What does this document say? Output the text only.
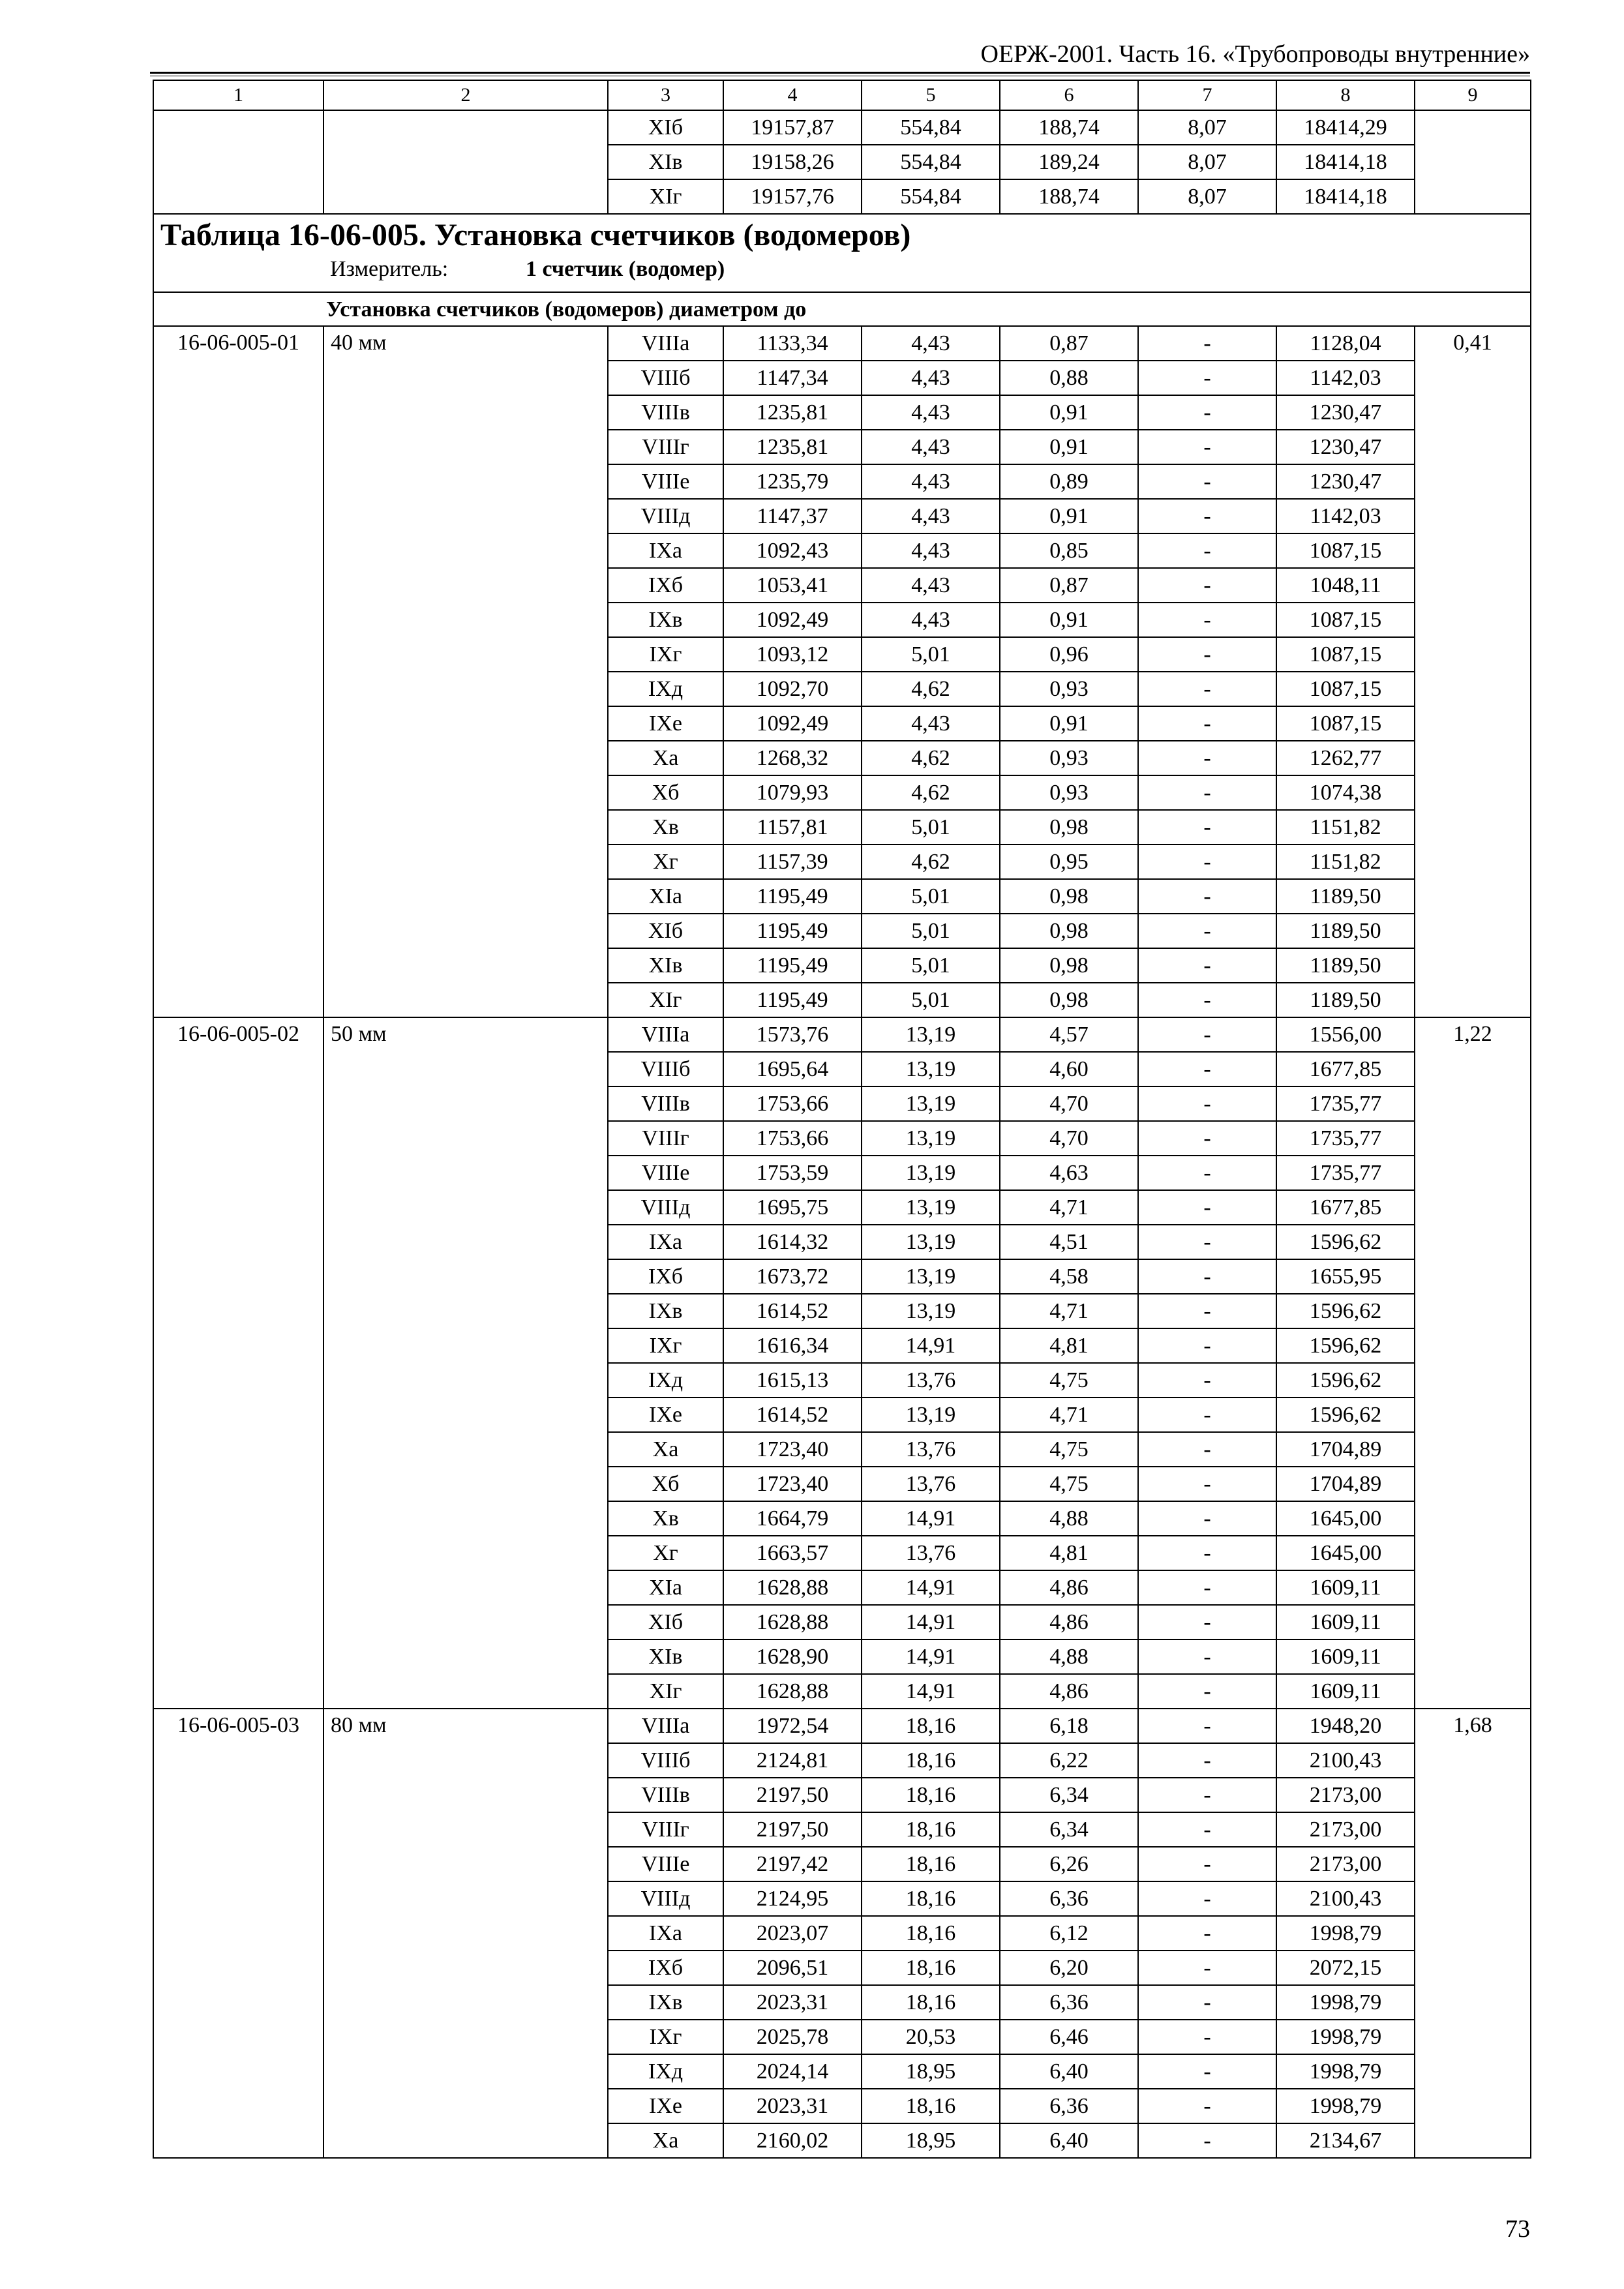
ОЕРЖ-2001. Часть 16. «Трубопроводы внутренние»
1	2	3	4	5	6	7	8	9
		XIб	19157,87	554,84	188,74	8,07	18414,29	
		XIв	19158,26	554,84	189,24	8,07	18414,18	
		XIг	19157,76	554,84	188,74	8,07	18414,18	

Таблица 16-06-005. Установка счетчиков (водомеров)
Измеритель: 1 счетчик (водомер)								

Установка счетчиков (водомеров) диаметром до								
16-06-005-01	40 мм	VIIIа	1133,34	4,43	0,87	-	1128,04	0,41
		VIIIб	1147,34	4,43	0,88	-	1142,03	
		VIIIв	1235,81	4,43	0,91	-	1230,47	
		VIIIг	1235,81	4,43	0,91	-	1230,47	
		VIIIе	1235,79	4,43	0,89	-	1230,47	
		VIIIд	1147,37	4,43	0,91	-	1142,03	
		IXа	1092,43	4,43	0,85	-	1087,15	
		IXб	1053,41	4,43	0,87	-	1048,11	
		IXв	1092,49	4,43	0,91	-	1087,15	
		IXг	1093,12	5,01	0,96	-	1087,15	
		IXд	1092,70	4,62	0,93	-	1087,15	
		IXе	1092,49	4,43	0,91	-	1087,15	
		Xа	1268,32	4,62	0,93	-	1262,77	
		Xб	1079,93	4,62	0,93	-	1074,38	
		Xв	1157,81	5,01	0,98	-	1151,82	
		Xг	1157,39	4,62	0,95	-	1151,82	
		XIа	1195,49	5,01	0,98	-	1189,50	
		XIб	1195,49	5,01	0,98	-	1189,50	
		XIв	1195,49	5,01	0,98	-	1189,50	
		XIг	1195,49	5,01	0,98	-	1189,50	
16-06-005-02	50 мм	VIIIа	1573,76	13,19	4,57	-	1556,00	1,22
		VIIIб	1695,64	13,19	4,60	-	1677,85	
		VIIIв	1753,66	13,19	4,70	-	1735,77	
		VIIIг	1753,66	13,19	4,70	-	1735,77	
		VIIIе	1753,59	13,19	4,63	-	1735,77	
		VIIIд	1695,75	13,19	4,71	-	1677,85	
		IXа	1614,32	13,19	4,51	-	1596,62	
		IXб	1673,72	13,19	4,58	-	1655,95	
		IXв	1614,52	13,19	4,71	-	1596,62	
		IXг	1616,34	14,91	4,81	-	1596,62	
		IXд	1615,13	13,76	4,75	-	1596,62	
		IXе	1614,52	13,19	4,71	-	1596,62	
		Xа	1723,40	13,76	4,75	-	1704,89	
		Xб	1723,40	13,76	4,75	-	1704,89	
		Xв	1664,79	14,91	4,88	-	1645,00	
		Xг	1663,57	13,76	4,81	-	1645,00	
		XIа	1628,88	14,91	4,86	-	1609,11	
		XIб	1628,88	14,91	4,86	-	1609,11	
		XIв	1628,90	14,91	4,88	-	1609,11	
		XIг	1628,88	14,91	4,86	-	1609,11	
16-06-005-03	80 мм	VIIIа	1972,54	18,16	6,18	-	1948,20	1,68
		VIIIб	2124,81	18,16	6,22	-	2100,43	
		VIIIв	2197,50	18,16	6,34	-	2173,00	
		VIIIг	2197,50	18,16	6,34	-	2173,00	
		VIIIе	2197,42	18,16	6,26	-	2173,00	
		VIIIд	2124,95	18,16	6,36	-	2100,43	
		IXа	2023,07	18,16	6,12	-	1998,79	
		IXб	2096,51	18,16	6,20	-	2072,15	
		IXв	2023,31	18,16	6,36	-	1998,79	
		IXг	2025,78	20,53	6,46	-	1998,79	
		IXд	2024,14	18,95	6,40	-	1998,79	
		IXе	2023,31	18,16	6,36	-	1998,79	
		Xа	2160,02	18,95	6,40	-	2134,67	
73
